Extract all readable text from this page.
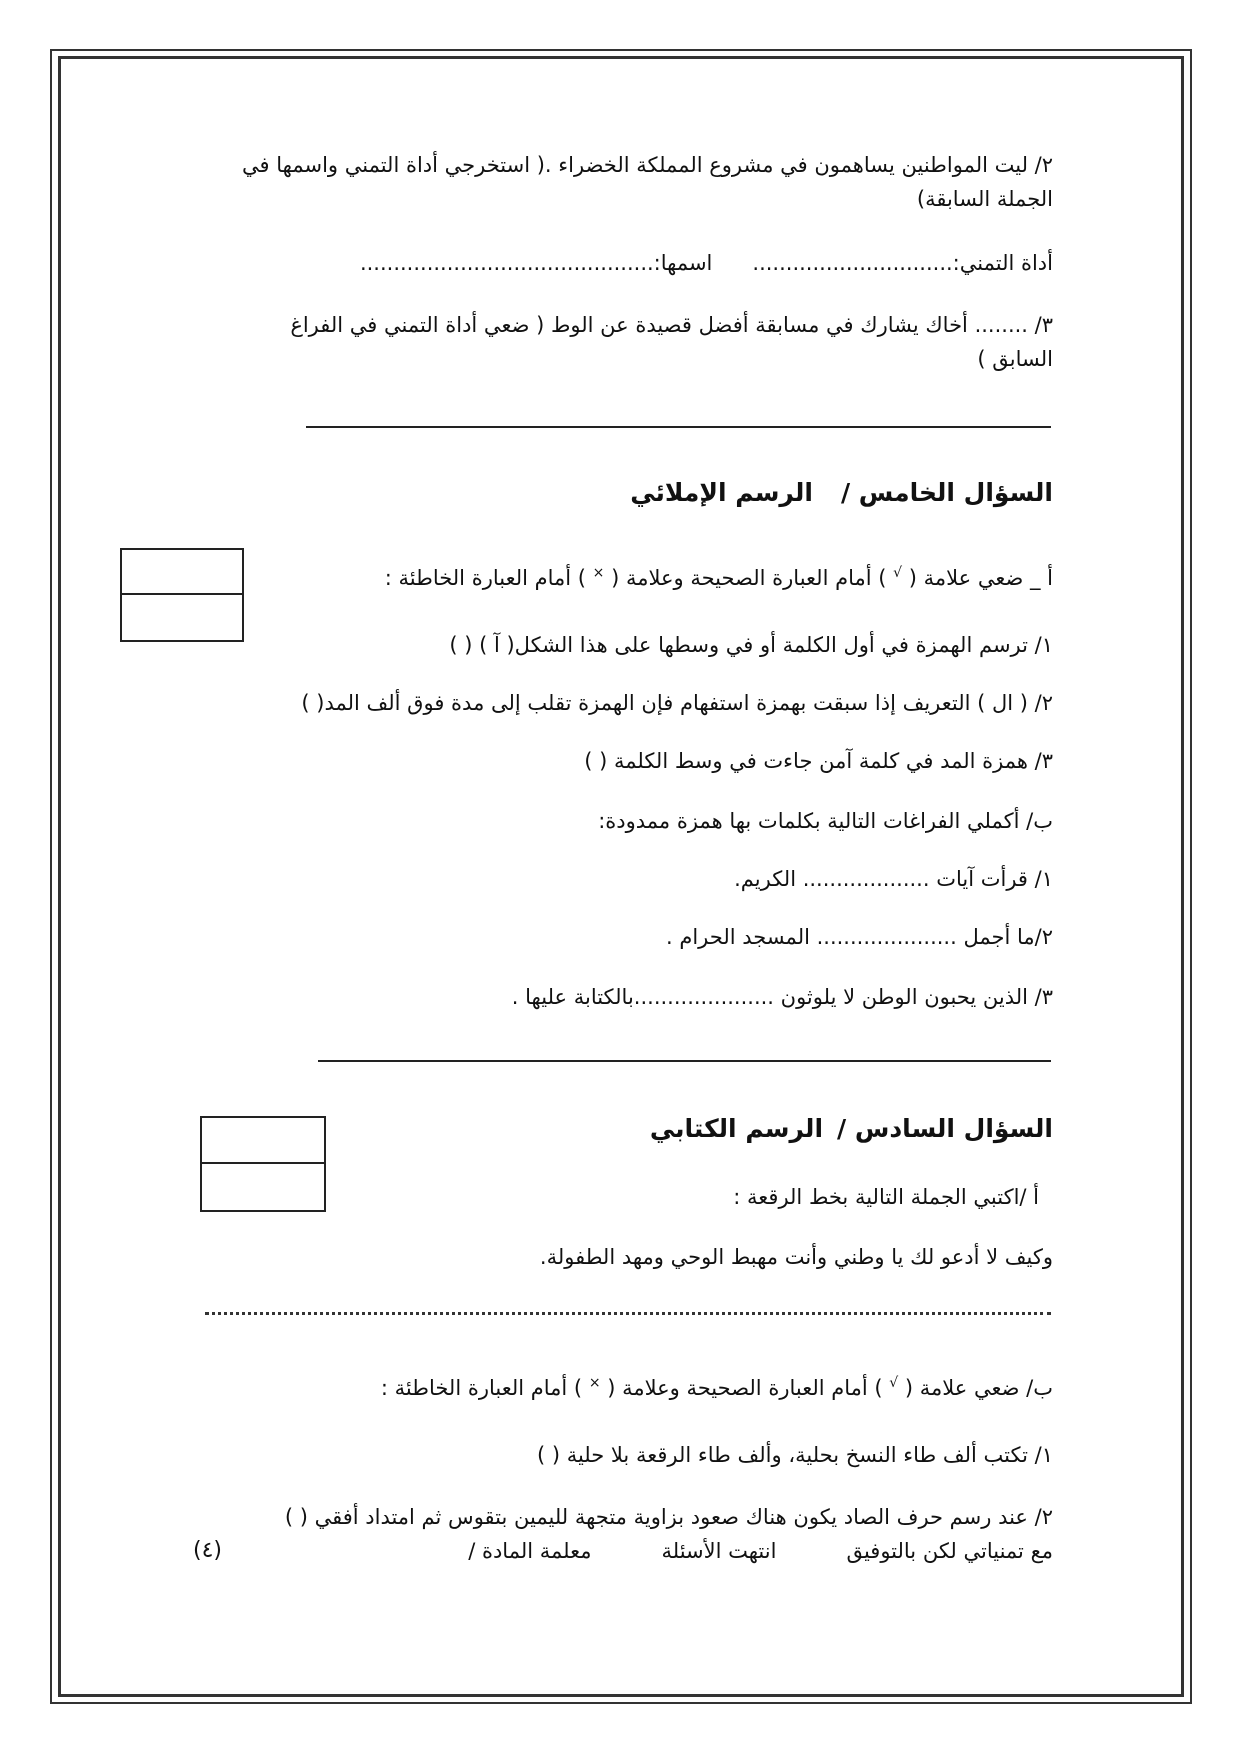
٢/ ليت المواطنين يساهمون في مشروع المملكة الخضراء .( استخرجي أداة التمني واسمها في الجملة السابقة)
أداة التمني:..............................اسمها:............................................
٣/ ........ أخاك يشارك في مسابقة أفضل قصيدة عن الوط ( ضعي أداة التمني في الفراغ السابق )
السؤال الخامس /الرسم الإملائي
أ _ ضعي علامة ( √ ) أمام العبارة الصحيحة وعلامة ( × ) أمام العبارة الخاطئة :
١/ ترسم الهمزة في أول الكلمة أو في وسطها على هذا الشكل( آ ) ( )
٢/ ( ال ) التعريف إذا سبقت بهمزة استفهام فإن الهمزة تقلب إلى مدة فوق ألف المد( )
٣/ همزة المد في كلمة آمن جاءت في وسط الكلمة ( )
ب/ أكملي الفراغات التالية بكلمات بها همزة ممدودة:
١/ قرأت آيات ................... الكريم.
٢/ما أجمل ..................... المسجد الحرام .
٣/ الذين يحبون الوطن لا يلوثون .....................بالكتابة عليها .
السؤال السادس /الرسم الكتابي
أ /اكتبي الجملة التالية بخط الرقعة :
وكيف لا أدعو لك يا وطني وأنت مهبط الوحي ومهد الطفولة.
ب/ ضعي علامة ( √ ) أمام العبارة الصحيحة وعلامة ( × ) أمام العبارة الخاطئة :
١/ تكتب ألف طاء النسخ بحلية، وألف طاء الرقعة بلا حلية ( )
٢/ عند رسم حرف الصاد يكون هناك صعود بزاوية متجهة لليمين بتقوس ثم امتداد أفقي ( )
مع تمنياتي لكن بالتوفيقانتهت الأسئلةمعلمة المادة /
(٤)
